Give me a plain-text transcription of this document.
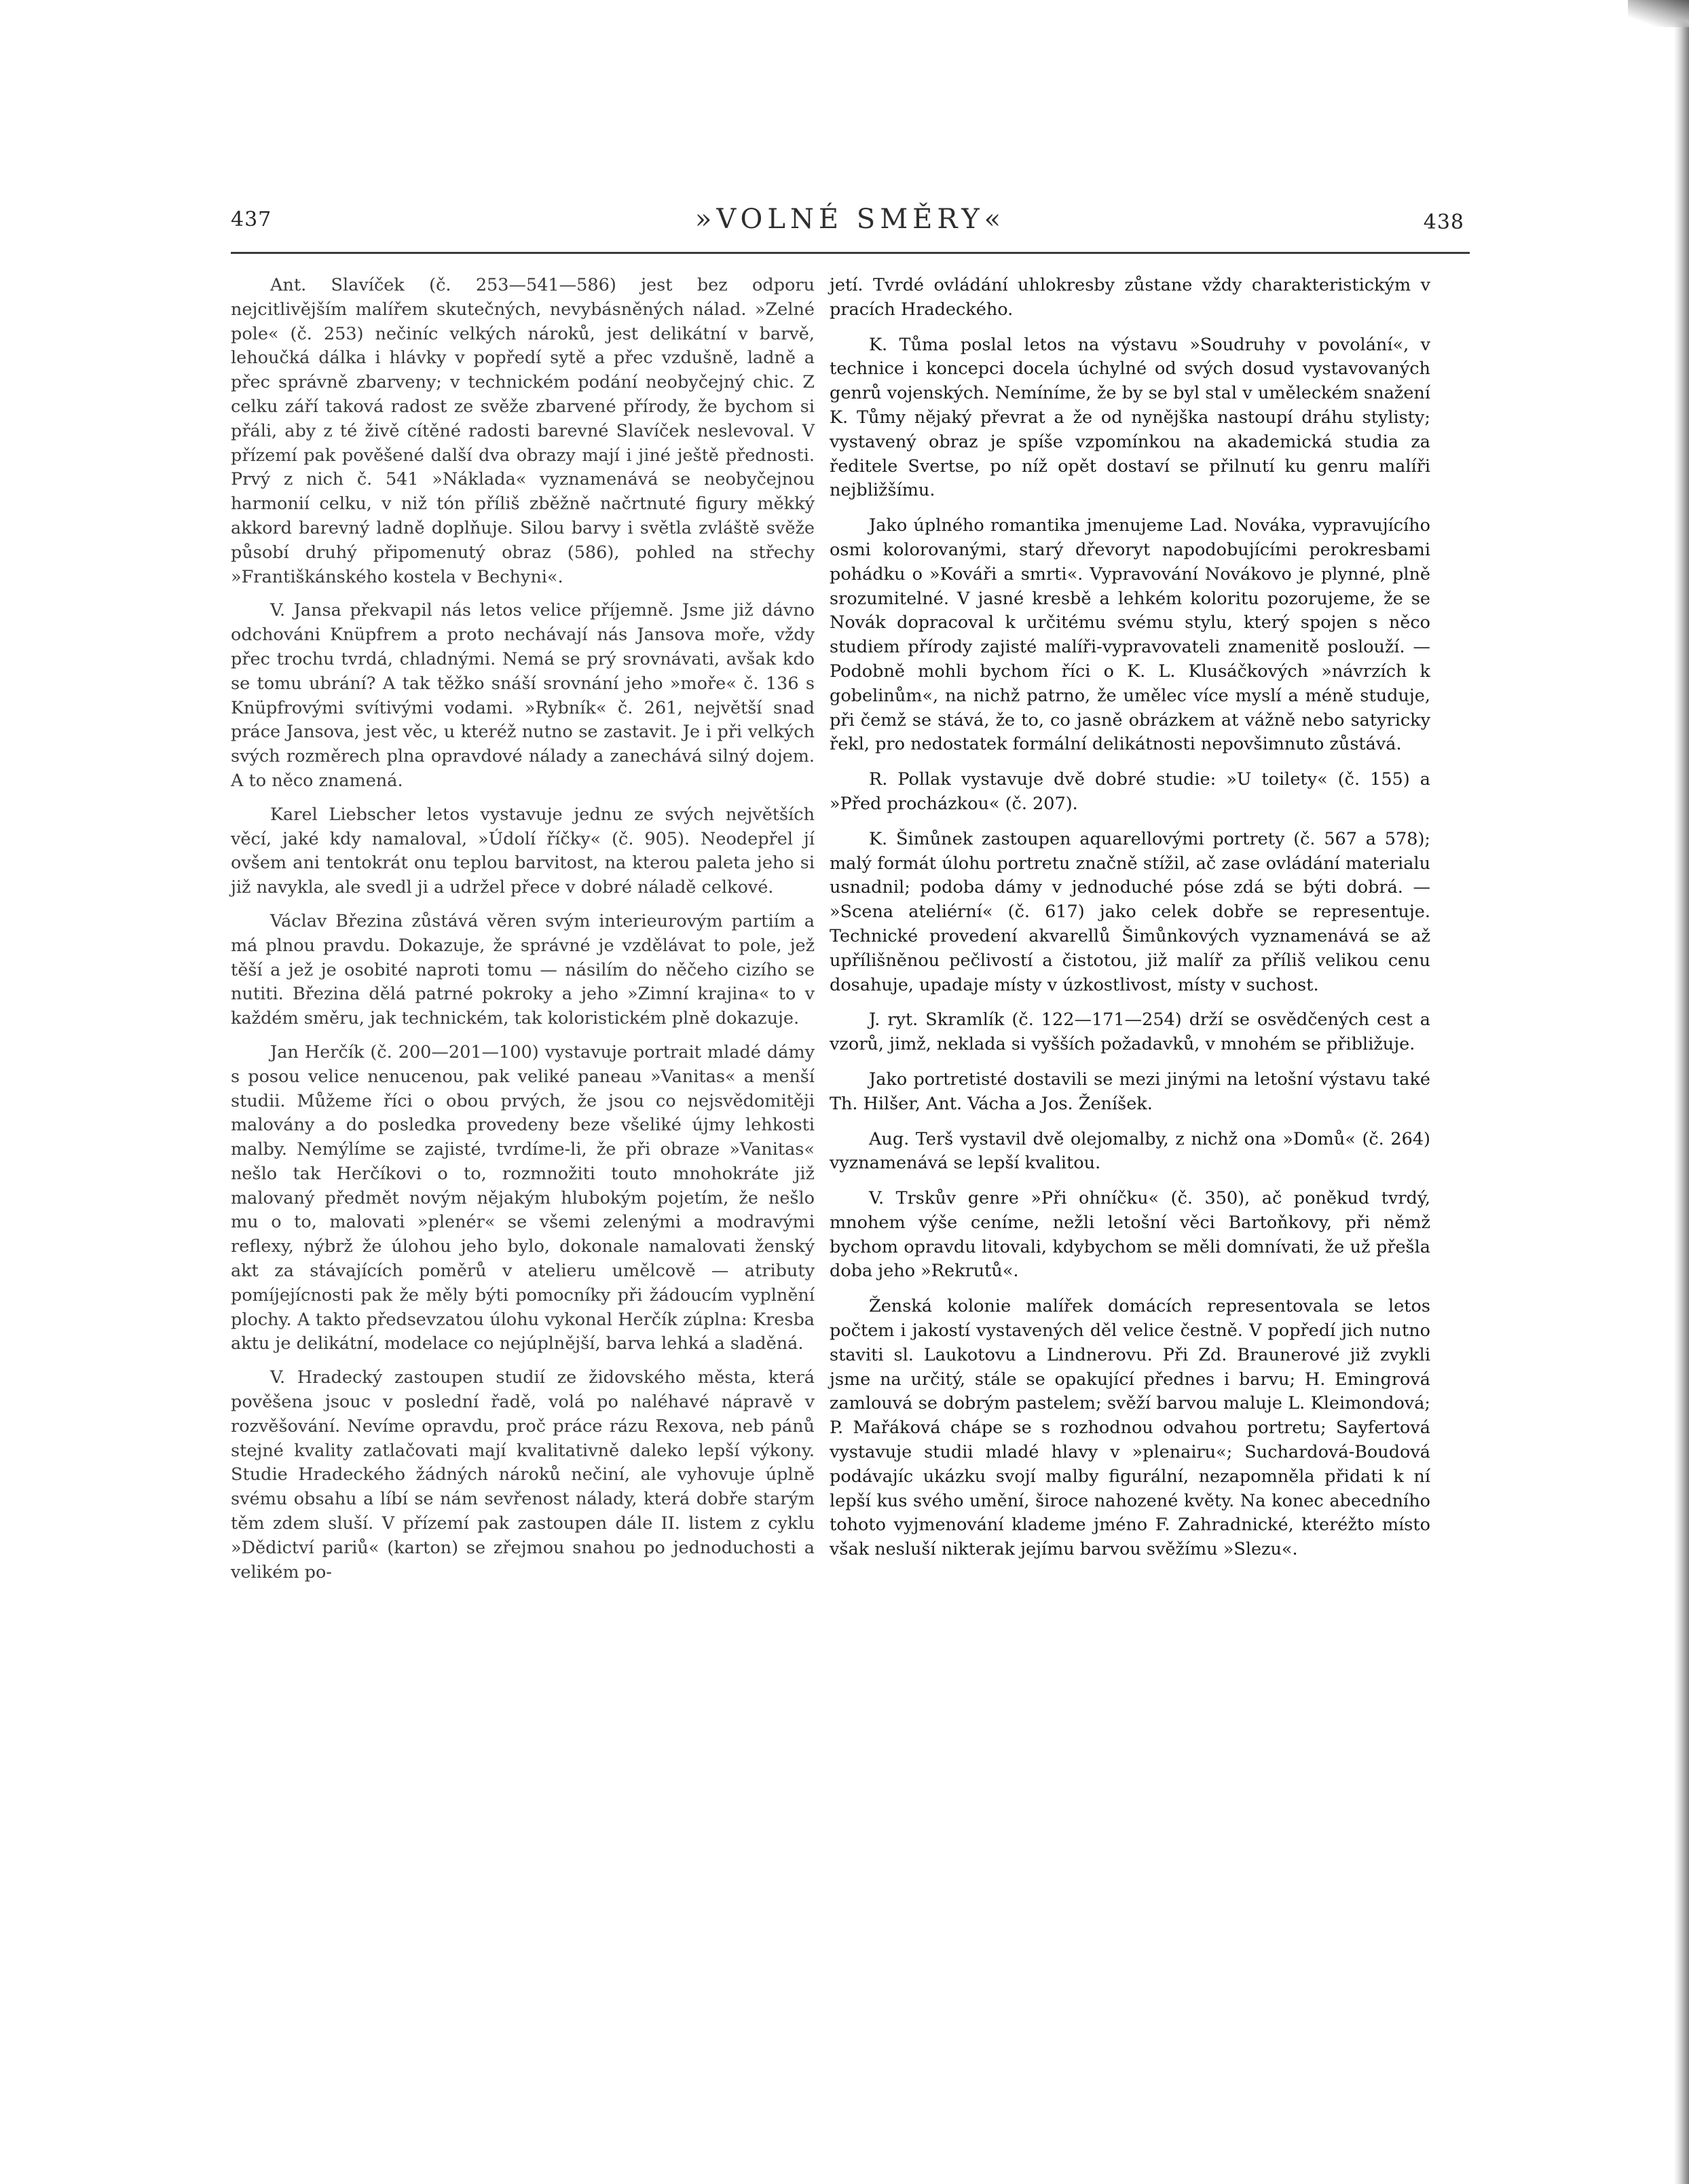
437	»VOLNÉ SMĚRY«	438

Ant. Slavíček (č. 253—541—586) jest bez odporu nejcitlivějším malířem skutečných, nevybásněných nálad. »Zelné pole« (č. 253) nečiníc velkých nároků, jest delikátní v barvě, lehoučká dálka i hlávky v popředí sytě a přec vzdušně, ladně a přec správně zbarveny; v technickém podání neobyčejný chic. Z celku září taková radost ze svěže zbarvené přírody, že bychom si přáli, aby z té živě cítěné radosti barevné Slavíček neslevoval. V přízemí pak pověšené další dva obrazy mají i jiné ještě přednosti. Prvý z nich č. 541 »Náklada« vyznamenává se neobyčejnou harmonií celku, v niž tón příliš zběžně načrtnuté figury měkký akkord barevný ladně doplňuje. Silou barvy i světla zvláště svěže působí druhý připomenutý obraz (586), pohled na střechy »Františkánského kostela v Bechyni«.

V. Jansa překvapil nás letos velice příjemně. Jsme již dávno odchováni Knüpfrem a proto nechávají nás Jansova moře, vždy přec trochu tvrdá, chladnými. Nemá se prý srovnávati, avšak kdo se tomu ubrání? A tak těžko snáší srovnání jeho »moře« č. 136 s Knüpfrovými svítivými vodami. »Rybník« č. 261, největší snad práce Jansova, jest věc, u kteréž nutno se zastavit. Je i při velkých svých rozměrech plna opravdové nálady a zanechává silný dojem. A to něco znamená.

Karel Liebscher letos vystavuje jednu ze svých největších věcí, jaké kdy namaloval, »Údolí říčky« (č. 905). Neodepřel jí ovšem ani tentokrát onu teplou barvitost, na kterou paleta jeho si již navykla, ale svedl ji a udržel přece v dobré náladě celkové.

Václav Březina zůstává věren svým interieurovým partiím a má plnou pravdu. Dokazuje, že správné je vzdělávat to pole, jež těší a jež je osobité naproti tomu — násilím do něčeho cizího se nutiti. Březina dělá patrné pokroky a jeho »Zimní krajina« to v každém směru, jak technickém, tak koloristickém plně dokazuje.

Jan Herčík (č. 200—201—100) vystavuje portrait mladé dámy s posou velice nenucenou, pak veliké paneau »Vanitas« a menší studii. Můžeme říci o obou prvých, že jsou co nejsvědomitěji malovány a do posledka provedeny beze všeliké újmy lehkosti malby. Nemýlíme se zajisté, tvrdíme-li, že při obraze »Vanitas« nešlo tak Herčíkovi o to, rozmnožiti touto mnohokráte již malovaný předmět novým nějakým hlubokým pojetím, že nešlo mu o to, malovati »plenér« se všemi zelenými a modravými reflexy, nýbrž že úlohou jeho bylo, dokonale namalovati ženský akt za stávajících poměrů v atelieru umělcově — atributy pomíjejícnosti pak že měly býti pomocníky při žádoucím vyplnění plochy. A takto předsevzatou úlohu vykonal Herčík zúplna: Kresba aktu je delikátní, modelace co nejúplnější, barva lehká a sladěná.

V. Hradecký zastoupen studií ze židovského města, která pověšena jsouc v poslední řadě, volá po naléhavé nápravě v rozvěšování. Nevíme opravdu, proč práce rázu Rexova, neb pánů stejné kvality zatlačovati mají kvalitativně daleko lepší výkony. Studie Hradeckého žádných nároků nečiní, ale vyhovuje úplně svému obsahu a líbí se nám sevřenost nálady, která dobře starým těm zdem sluší. V přízemí pak zastoupen dále II. listem z cyklu »Dědictví pariů« (karton) se zřejmou snahou po jednoduchosti a velikém po-

jetí. Tvrdé ovládání uhlokresby zůstane vždy charakteristickým v pracích Hradeckého.

K. Tůma poslal letos na výstavu »Soudruhy v povolání«, v technice i koncepci docela úchylné od svých dosud vystavovaných genrů vojenských. Nemíníme, že by se byl stal v uměleckém snažení K. Tůmy nějaký převrat a že od nynějška nastoupí dráhu stylisty; vystavený obraz je spíše vzpomínkou na akademická studia za ředitele Svertse, po níž opět dostaví se přilnutí ku genru malíři nejbližšímu.

Jako úplného romantika jmenujeme Lad. Nováka, vypravujícího osmi kolorovanými, starý dřevoryt napodobujícími perokresbami pohádku o »Kováři a smrti«. Vypravování Novákovo je plynné, plně srozumitelné. V jasné kresbě a lehkém koloritu pozorujeme, že se Novák dopracoval k určitému svému stylu, který spojen s něco studiem přírody zajisté malíři-vypravovateli znamenitě poslouží. — Podobně mohli bychom říci o K. L. Klusáčkových »návrzích k gobelinům«, na nichž patrno, že umělec více myslí a méně studuje, při čemž se stává, že to, co jasně obrázkem at vážně nebo satyricky řekl, pro nedostatek formální delikátnosti nepovšimnuto zůstává.

R. Pollak vystavuje dvě dobré studie: »U toilety« (č. 155) a »Před procházkou« (č. 207).

K. Šimůnek zastoupen aquarellovými portrety (č. 567 a 578); malý formát úlohu portretu značně stížil, ač zase ovládání materialu usnadnil; podoba dámy v jednoduché póse zdá se býti dobrá. — »Scena ateliérní« (č. 617) jako celek dobře se representuje. Technické provedení akvarellů Šimůnkových vyznamenává se až upřílišněnou pečlivostí a čistotou, již malíř za příliš velikou cenu dosahuje, upadaje místy v úzkostlivost, místy v suchost.

J. ryt. Skramlík (č. 122—171—254) drží se osvědčených cest a vzorů, jimž, neklada si vyšších požadavků, v mnohém se přibližuje.

Jako portretisté dostavili se mezi jinými na letošní výstavu také Th. Hilšer, Ant. Vácha a Jos. Ženíšek.

Aug. Terš vystavil dvě olejomalby, z nichž ona »Domů« (č. 264) vyznamenává se lepší kvalitou.

V. Trskův genre »Při ohníčku« (č. 350), ač poněkud tvrdý, mnohem výše ceníme, nežli letošní věci Bartoňkovy, při němž bychom opravdu litovali, kdybychom se měli domnívati, že už přešla doba jeho »Rekrutů«.

Ženská kolonie malířek domácích representovala se letos počtem i jakostí vystavených děl velice čestně. V popředí jich nutno staviti sl. Laukotovu a Lindnerovu. Při Zd. Braunerové již zvykli jsme na určitý, stále se opakující přednes i barvu; H. Emingrová zamlouvá se dobrým pastelem; svěží barvou maluje L. Kleimondová; P. Mařáková chápe se s rozhodnou odvahou portretu; Sayfertová vystavuje studii mladé hlavy v »plenairu«; Suchardová-Boudová podávajíc ukázku svojí malby figurální, nezapomněla přidati k ní lepší kus svého umění, široce nahozené květy. Na konec abecedního tohoto vyjmenování klademe jméno F. Zahradnické, kteréžto místo však nesluší nikterak jejímu barvou svěžímu »Slezu«.
